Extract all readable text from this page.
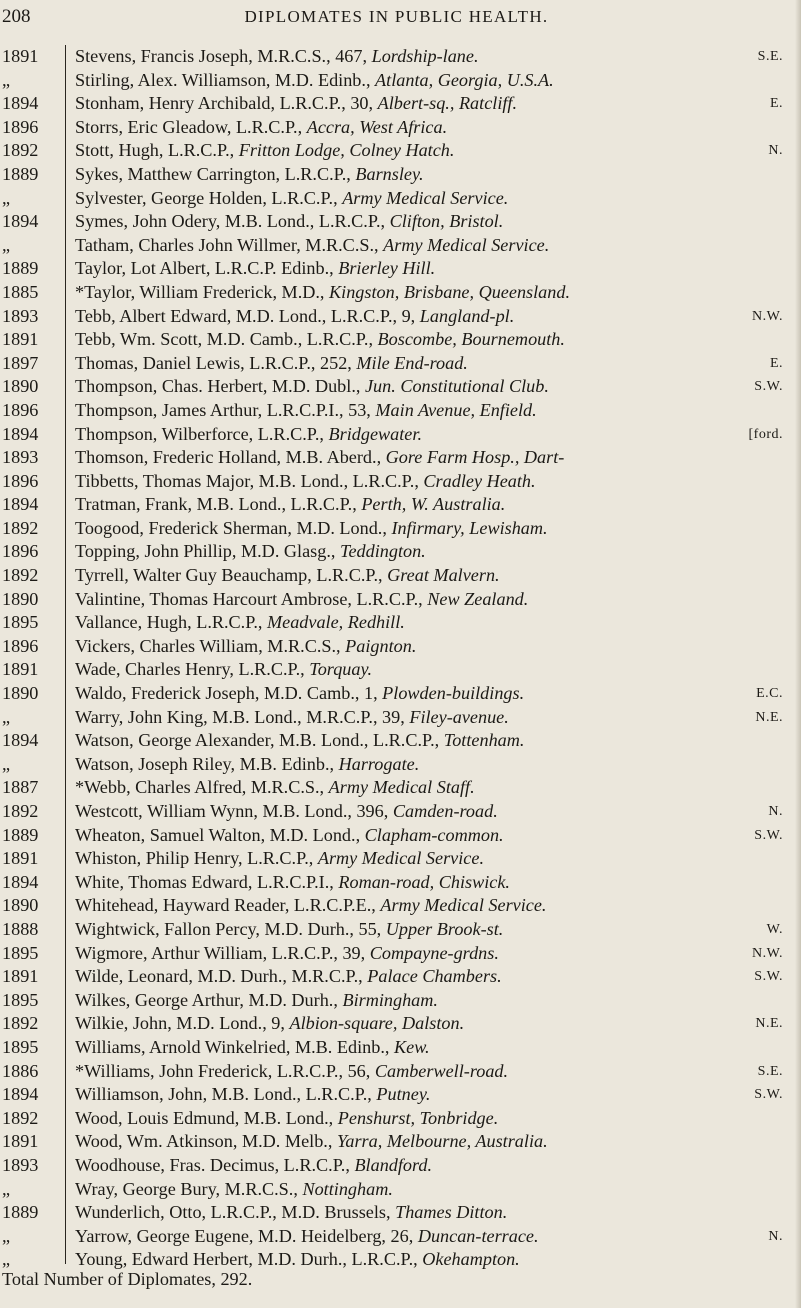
208	DIPLOMATES IN PUBLIC HEALTH.
1891	Stevens, Francis Joseph, M.R.C.S., 467, Lordship-lane.	S.E.
„	Stirling, Alex. Williamson, M.D. Edinb., Atlanta, Georgia, U.S.A.
1894	Stonham, Henry Archibald, L.R.C.P., 30, Albert-sq., Ratcliff.	E.
1896	Storrs, Eric Gleadow, L.R.C.P., Accra, West Africa.
1892	Stott, Hugh, L.R.C.P., Fritton Lodge, Colney Hatch.	N.
1889	Sykes, Matthew Carrington, L.R.C.P., Barnsley.
„	Sylvester, George Holden, L.R.C.P., Army Medical Service.
1894	Symes, John Odery, M.B. Lond., L.R.C.P., Clifton, Bristol.
„	Tatham, Charles John Willmer, M.R.C.S., Army Medical Service.
1889	Taylor, Lot Albert, L.R.C.P. Edinb., Brierley Hill.
1885	*Taylor, William Frederick, M.D., Kingston, Brisbane, Queensland.
1893	Tebb, Albert Edward, M.D. Lond., L.R.C.P., 9, Langland-pl.	N.W.
1891	Tebb, Wm. Scott, M.D. Camb., L.R.C.P., Boscombe, Bournemouth.
1897	Thomas, Daniel Lewis, L.R.C.P., 252, Mile End-road.	E.
1890	Thompson, Chas. Herbert, M.D. Dubl., Jun. Constitutional Club.	S.W.
1896	Thompson, James Arthur, L.R.C.P.I., 53, Main Avenue, Enfield.
1894	Thompson, Wilberforce, L.R.C.P., Bridgewater.	[ford.
1893	Thomson, Frederic Holland, M.B. Aberd., Gore Farm Hosp., Dart-
1896	Tibbetts, Thomas Major, M.B. Lond., L.R.C.P., Cradley Heath.
1894	Tratman, Frank, M.B. Lond., L.R.C.P., Perth, W. Australia.
1892	Toogood, Frederick Sherman, M.D. Lond., Infirmary, Lewisham.
1896	Topping, John Phillip, M.D. Glasg., Teddington.
1892	Tyrrell, Walter Guy Beauchamp, L.R.C.P., Great Malvern.
1890	Valintine, Thomas Harcourt Ambrose, L.R.C.P., New Zealand.
1895	Vallance, Hugh, L.R.C.P., Meadvale, Redhill.
1896	Vickers, Charles William, M.R.C.S., Paignton.
1891	Wade, Charles Henry, L.R.C.P., Torquay.
1890	Waldo, Frederick Joseph, M.D. Camb., 1, Plowden-buildings.	E.C.
„	Warry, John King, M.B. Lond., M.R.C.P., 39, Filey-avenue.	N.E.
1894	Watson, George Alexander, M.B. Lond., L.R.C.P., Tottenham.
„	Watson, Joseph Riley, M.B. Edinb., Harrogate.
1887	*Webb, Charles Alfred, M.R.C.S., Army Medical Staff.
1892	Westcott, William Wynn, M.B. Lond., 396, Camden-road.	N.
1889	Wheaton, Samuel Walton, M.D. Lond., Clapham-common.	S.W.
1891	Whiston, Philip Henry, L.R.C.P., Army Medical Service.
1894	White, Thomas Edward, L.R.C.P.I., Roman-road, Chiswick.
1890	Whitehead, Hayward Reader, L.R.C.P.E., Army Medical Service.
1888	Wightwick, Fallon Percy, M.D. Durh., 55, Upper Brook-st.	W.
1895	Wigmore, Arthur William, L.R.C.P., 39, Compayne-grdns.	N.W.
1891	Wilde, Leonard, M.D. Durh., M.R.C.P., Palace Chambers.	S.W.
1895	Wilkes, George Arthur, M.D. Durh., Birmingham.
1892	Wilkie, John, M.D. Lond., 9, Albion-square, Dalston.	N.E.
1895	Williams, Arnold Winkelried, M.B. Edinb., Kew.
1886	*Williams, John Frederick, L.R.C.P., 56, Camberwell-road.	S.E.
1894	Williamson, John, M.B. Lond., L.R.C.P., Putney.	S.W.
1892	Wood, Louis Edmund, M.B. Lond., Penshurst, Tonbridge.
1891	Wood, Wm. Atkinson, M.D. Melb., Yarra, Melbourne, Australia.
1893	Woodhouse, Fras. Decimus, L.R.C.P., Blandford.
„	Wray, George Bury, M.R.C.S., Nottingham.
1889	Wunderlich, Otto, L.R.C.P., M.D. Brussels, Thames Ditton.
„	Yarrow, George Eugene, M.D. Heidelberg, 26, Duncan-terrace.	N.
„	Young, Edward Herbert, M.D. Durh., L.R.C.P., Okehampton.
Total Number of Diplomates, 292.
